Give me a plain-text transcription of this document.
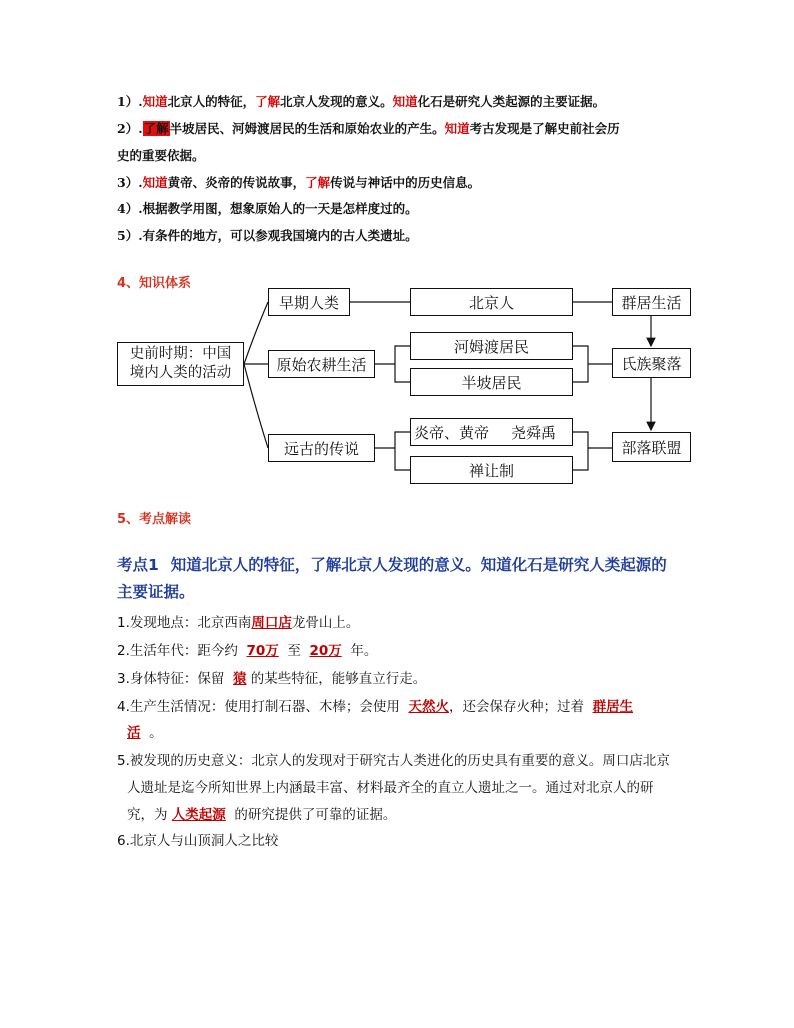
1）.知道北京人的特征，了解北京人发现的意义。知道化石是研究人类起源的主要证据。
2）.了解半坡居民、河姆渡居民的生活和原始农业的产生。知道考古发现是了解史前社会历
史的重要依据。
3）.知道黄帝、炎帝的传说故事，了解传说与神话中的历史信息。
4）.根据教学用图，想象原始人的一天是怎样度过的。
5）.有条件的地方，可以参观我国境内的古人类遗址。
4、知识体系
史前时期：中国
境内人类的活动
早期人类
原始农耕生活
远古的传说
北京人
河姆渡居民
半坡居民
炎帝、黄帝 尧舜禹
禅让制
群居生活
氏族聚落
部落联盟
5、考点解读
考点1 知道北京人的特征，了解北京人发现的意义。知道化石是研究人类起源的
主要证据。
1.发现地点：北京西南周口店龙骨山上。
2.生活年代：距今约 70万 至 20万 年。
3.身体特征：保留 猿 的某些特征，能够直立行走。
4.生产生活情况：使用打制石器、木棒；会使用 天然火，还会保存火种；过着 群居生
活 。
5.被发现的历史意义：北京人的发现对于研究古人类进化的历史具有重要的意义。周口店北京
人遗址是迄今所知世界上内涵最丰富、材料最齐全的直立人遗址之一。通过对北京人的研
究，为 人类起源 的研究提供了可靠的证据。
6.北京人与山顶洞人之比较
